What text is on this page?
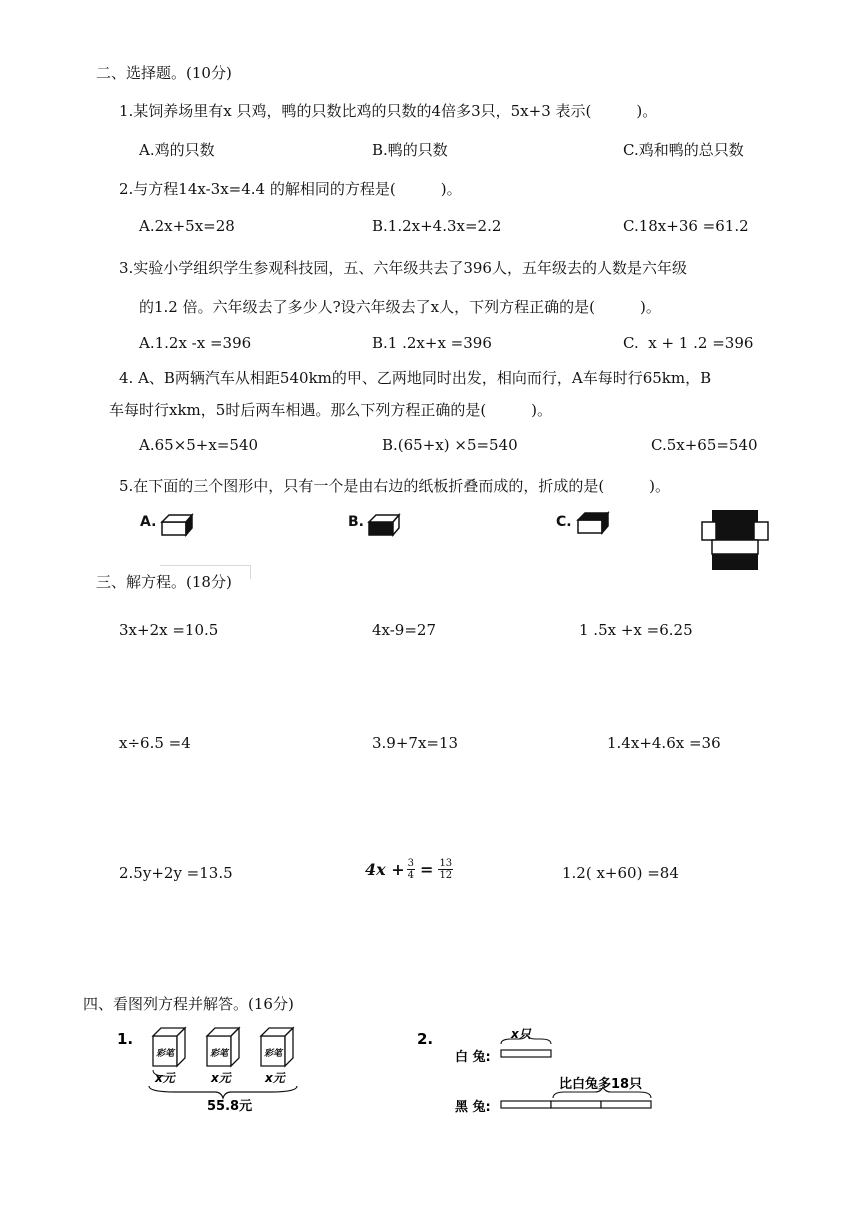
二、选择题。(10分)
1.某饲养场里有x 只鸡，鸭的只数比鸡的只数的4倍多3只，5x+3 表示(　　　)。
A.鸡的只数	B.鸭的只数	C.鸡和鸭的总只数
2.与方程14x-3x=4.4 的解相同的方程是(　　　)。
A.2x+5x=28	B.1.2x+4.3x=2.2	C.18x+36 =61.2
3.实验小学组织学生参观科技园，五、六年级共去了396人，五年级去的人数是六年级
的1.2 倍。六年级去了多少人?设六年级去了x人，下列方程正确的是(　　　)。
A.1.2x -x =396	B.1 .2x+x =396	C.  x + 1 .2 =396
4. A、B两辆汽车从相距540km的甲、乙两地同时出发，相向而行，A车每时行65km，B
车每时行xkm，5时后两车相遇。那么下列方程正确的是(　　　)。
A.65×5+x=540	B.(65+x) ×5=540	C.5x+65=540
5.在下面的三个图形中，只有一个是由右边的纸板折叠而成的，折成的是(　　　)。
A.	B.	C.
三、解方程。(18分)
3x+2x =10.5	4x-9=27	1 .5x +x =6.25
x÷6.5 =4	3.9+7x=13	1.4x+4.6x =36
2.5y+2y =13.5	$4x + \frac{3}{4} = \frac{13}{12}$	1.2( x+60) =84
四、看图列方程并解答。(16分)
1.
彩笔	彩笔	彩笔
x元	x元	x元
55.8元
2.	x只
白 兔:
比白兔多18只
黑 兔:
